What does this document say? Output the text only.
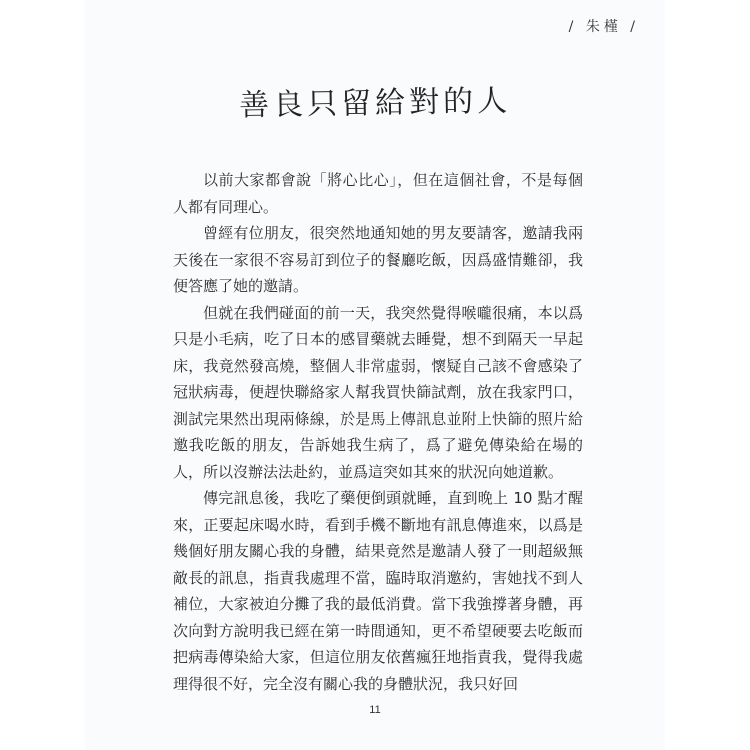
/ 朱槿 /
善良只留給對的人

以前大家都會說「將心比心」，但在這個社會，不是每個人都有同理心。

曾經有位朋友，很突然地通知她的男友要請客，邀請我兩天後在一家很不容易訂到位子的餐廳吃飯，因爲盛情難卻，我便答應了她的邀請。

但就在我們碰面的前一天，我突然覺得喉嚨很痛，本以爲只是小毛病，吃了日本的感冒藥就去睡覺，想不到隔天一早起床，我竟然發高燒，整個人非常虛弱，懷疑自己該不會感染了冠狀病毒，便趕快聯絡家人幫我買快篩試劑，放在我家門口，測試完果然出現兩條線，於是馬上傳訊息並附上快篩的照片給邀我吃飯的朋友，告訴她我生病了，爲了避免傳染給在場的人，所以沒辦法法赴約，並爲這突如其來的狀況向她道歉。

傳完訊息後，我吃了藥便倒頭就睡，直到晚上 10 點才醒來，正要起床喝水時，看到手機不斷地有訊息傳進來，以爲是幾個好朋友關心我的身體，結果竟然是邀請人發了一則超級無敵長的訊息，指責我處理不當，臨時取消邀約，害她找不到人補位，大家被迫分攤了我的最低消費。當下我強撐著身體，再次向對方說明我已經在第一時間通知，更不希望硬要去吃飯而把病毒傳染給大家，但這位朋友依舊瘋狂地指責我，覺得我處理得很不好，完全沒有關心我的身體狀況，我只好回

11
